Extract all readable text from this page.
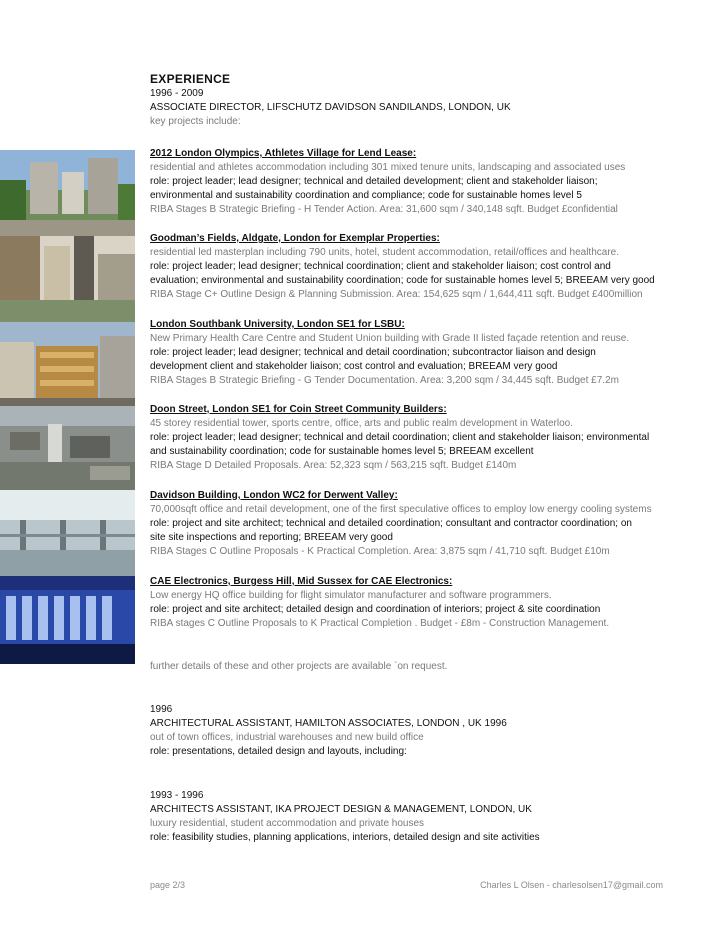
EXPERIENCE
1996 - 2009
ASSOCIATE DIRECTOR, LIFSCHUTZ DAVIDSON SANDILANDS, LONDON, UK
key projects include:
2012 London Olympics, Athletes Village for Lend Lease:
residential and athletes accommodation including 301 mixed tenure units, landscaping and associated uses
role: project leader; lead designer; technical and detailed development; client and stakeholder liaison;
environmental and sustainability coordination and compliance; code for sustainable homes level 5
RIBA Stages B Strategic Briefing - H Tender Action. Area: 31,600 sqm / 340,148 sqft. Budget £confidential
Goodman’s Fields, Aldgate, London for Exemplar Properties:
residential led masterplan including 790 units, hotel, student accommodation, retail/offices and healthcare.
role: project leader; lead designer; technical coordination; client and stakeholder liaison; cost control and
evaluation; environmental and sustainability coordination; code for sustainable homes level 5; BREEAM very good
RIBA Stage C+ Outline Design & Planning Submission. Area: 154,625 sqm / 1,644,411 sqft. Budget £400million
London Southbank University, London SE1 for LSBU:
New Primary Health Care Centre and Student Union building with Grade II listed façade retention and reuse.
role: project leader; lead designer; technical and detail coordination; subcontractor liaison and design
development client and stakeholder liaison; cost control and evaluation; BREEAM very good
RIBA Stages B Strategic Briefing - G Tender Documentation. Area: 3,200 sqm / 34,445 sqft. Budget £7.2m
Doon Street, London SE1 for Coin Street Community Builders:
45 storey residential tower, sports centre, office, arts and public realm development in Waterloo.
role: project leader; lead designer; technical and detail coordination; client and stakeholder liaison; environmental
and sustainability coordination; code for sustainable homes level 5; BREEAM excellent
RIBA Stage D Detailed Proposals. Area: 52,323 sqm / 563,215 sqft. Budget £140m
Davidson Building, London WC2 for Derwent Valley:
70,000sqft office and retail development, one of the first speculative offices to employ low energy cooling systems
role: project and site architect; technical and detailed coordination; consultant and contractor coordination; on
site site inspections and reporting; BREEAM very good
RIBA Stages C Outline Proposals - K Practical Completion. Area: 3,875 sqm / 41,710 sqft. Budget £10m
CAE Electronics, Burgess Hill, Mid Sussex for CAE Electronics:
Low energy HQ office building for flight simulator manufacturer and software programmers.
role: project and site architect; detailed design and coordination of interiors; project & site coordination
RIBA stages C Outline Proposals to K Practical Completion . Budget - £8m - Construction Management.
further details of these and other projects are available `on request.
1996
ARCHITECTURAL ASSISTANT, HAMILTON ASSOCIATES, LONDON , UK 1996
out of town offices, industrial warehouses and new build office
role: presentations, detailed design and layouts, including:
1993 - 1996
ARCHITECTS ASSISTANT, IKA PROJECT DESIGN & MANAGEMENT, LONDON, UK
luxury residential, student accommodation and private houses
role: feasibility studies, planning applications, interiors, detailed design and site activities
page 2/3	Charles L Olsen - charlesolsen17@gmail.com
